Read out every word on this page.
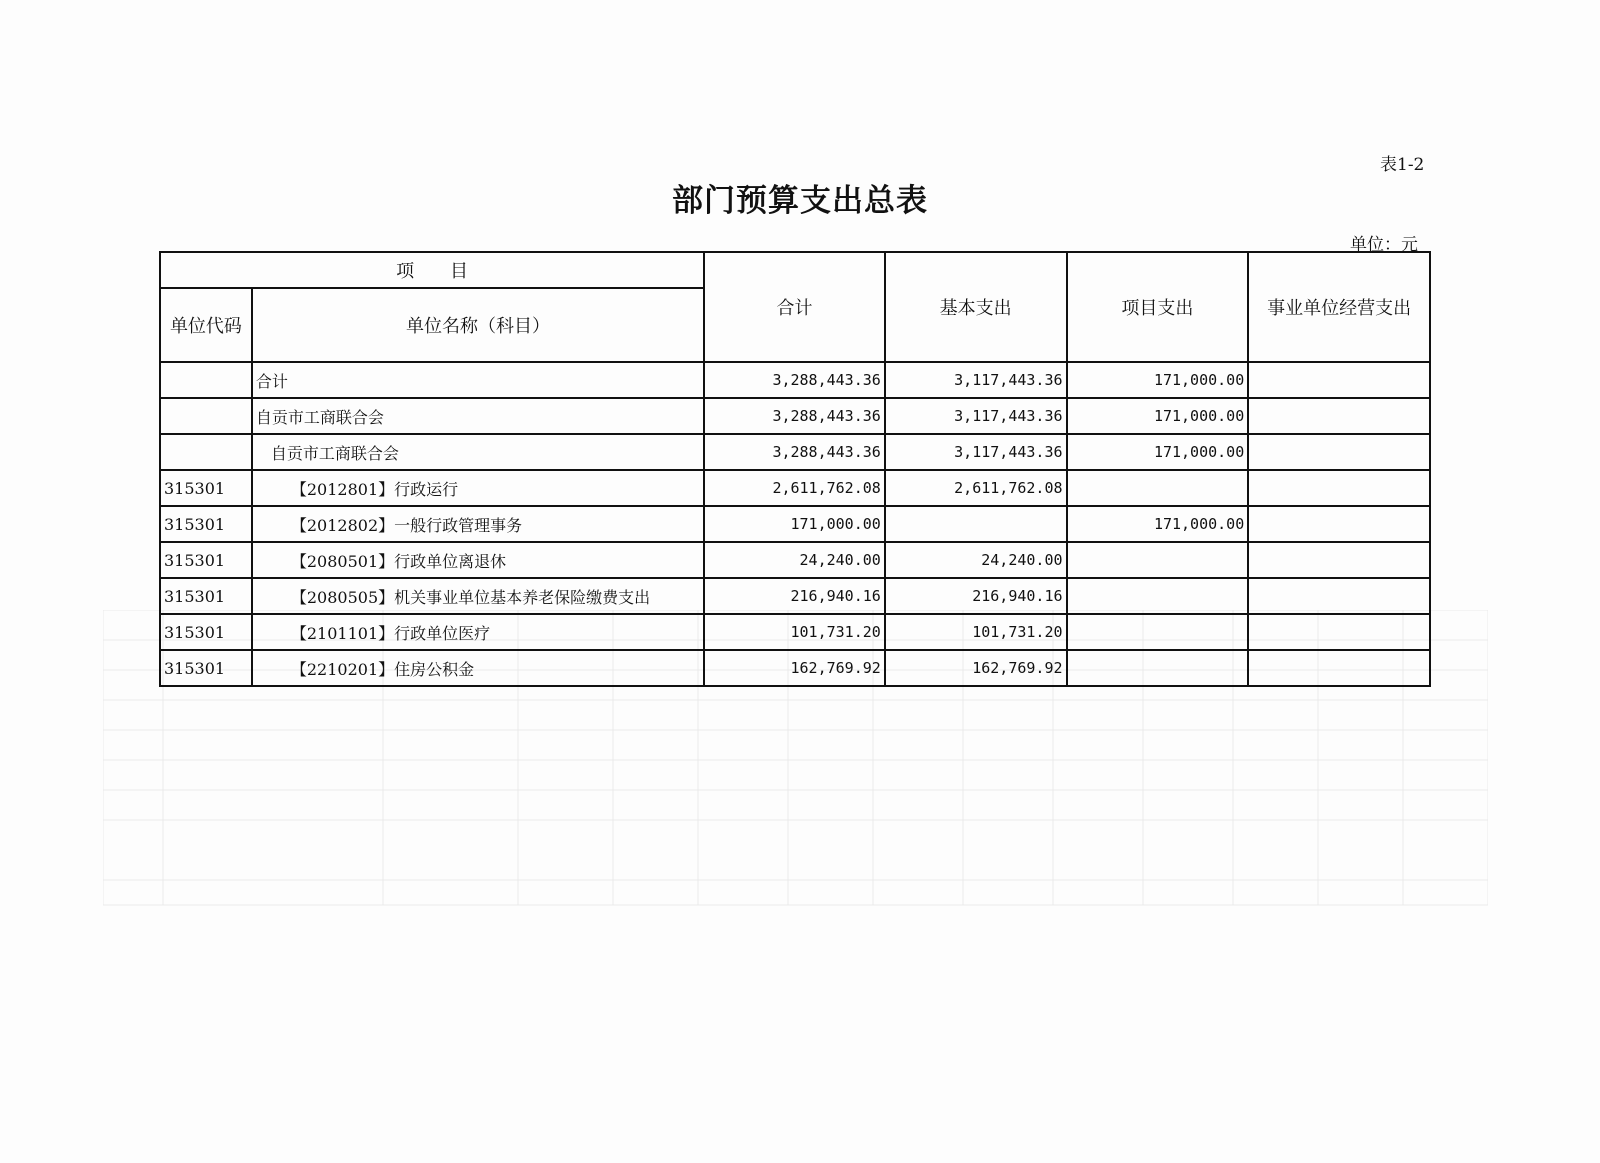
表1-2
部门预算支出总表
单位：元
项　　目		合计	基本支出	项目支出	事业单位经营支出
单位代码	单位名称（科目）				
	合计	3,288,443.36	3,117,443.36	171,000.00	
	自贡市工商联合会	3,288,443.36	3,117,443.36	171,000.00	
	自贡市工商联合会	3,288,443.36	3,117,443.36	171,000.00	
315301	【2012801】行政运行	2,611,762.08	2,611,762.08		
315301	【2012802】一般行政管理事务	171,000.00		171,000.00	
315301	【2080501】行政单位离退休	24,240.00	24,240.00		
315301	【2080505】机关事业单位基本养老保险缴费支出	216,940.16	216,940.16		
315301	【2101101】行政单位医疗	101,731.20	101,731.20		
315301	【2210201】住房公积金	162,769.92	162,769.92		
